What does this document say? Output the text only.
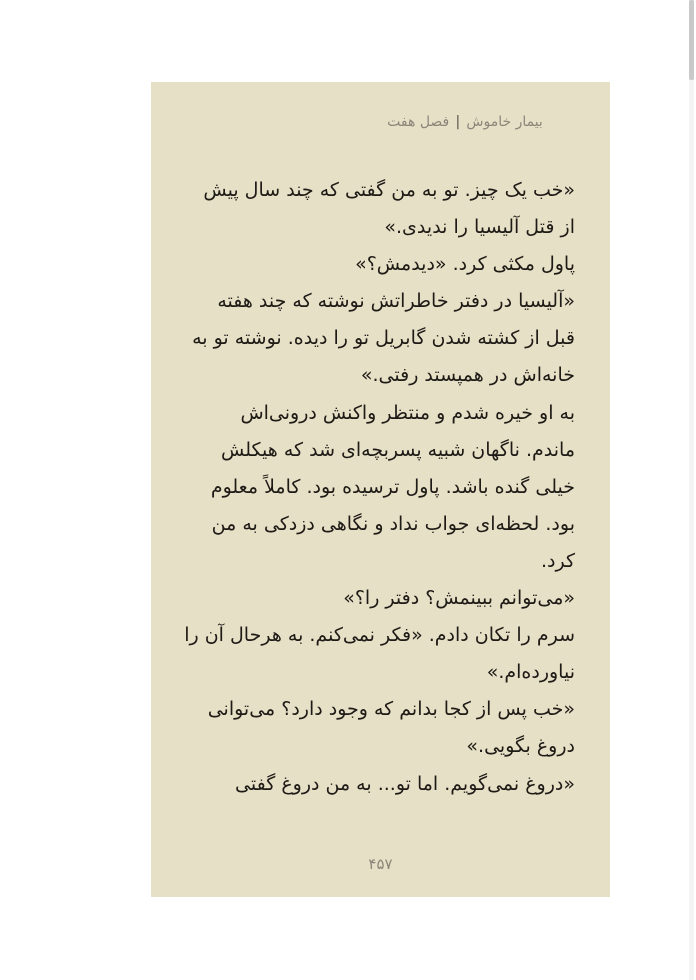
بیمار خاموش|فصل هفت
«خب یک چیز. تو به من گفتی که چند سال پیش
از قتل آلیسیا را ندیدی.»
پاول مکثی کرد. «دیدمش؟»
«آلیسیا در دفتر خاطراتش نوشته که چند هفته
قبل از کشته شدن گابریل تو را دیده. نوشته تو به
خانه‌اش در همپستد رفتی.»
به او خیره شدم و منتظر واکنش درونی‌اش
ماندم. ناگهان شبیه پسربچه‌ای شد که هیکلش
خیلی گنده باشد. پاول ترسیده بود. کاملاً معلوم
بود. لحظه‌ای جواب نداد و نگاهی دزدکی به من
کرد.
«می‌توانم ببینمش؟ دفتر را؟»
سرم را تکان دادم. «فکر نمی‌کنم. به هرحال آن را
نیاورده‌ام.»
«خب پس از کجا بدانم که وجود دارد؟ می‌توانی
دروغ بگویی.»
«دروغ نمی‌گویم. اما تو... به من دروغ گفتی
۴۵۷
